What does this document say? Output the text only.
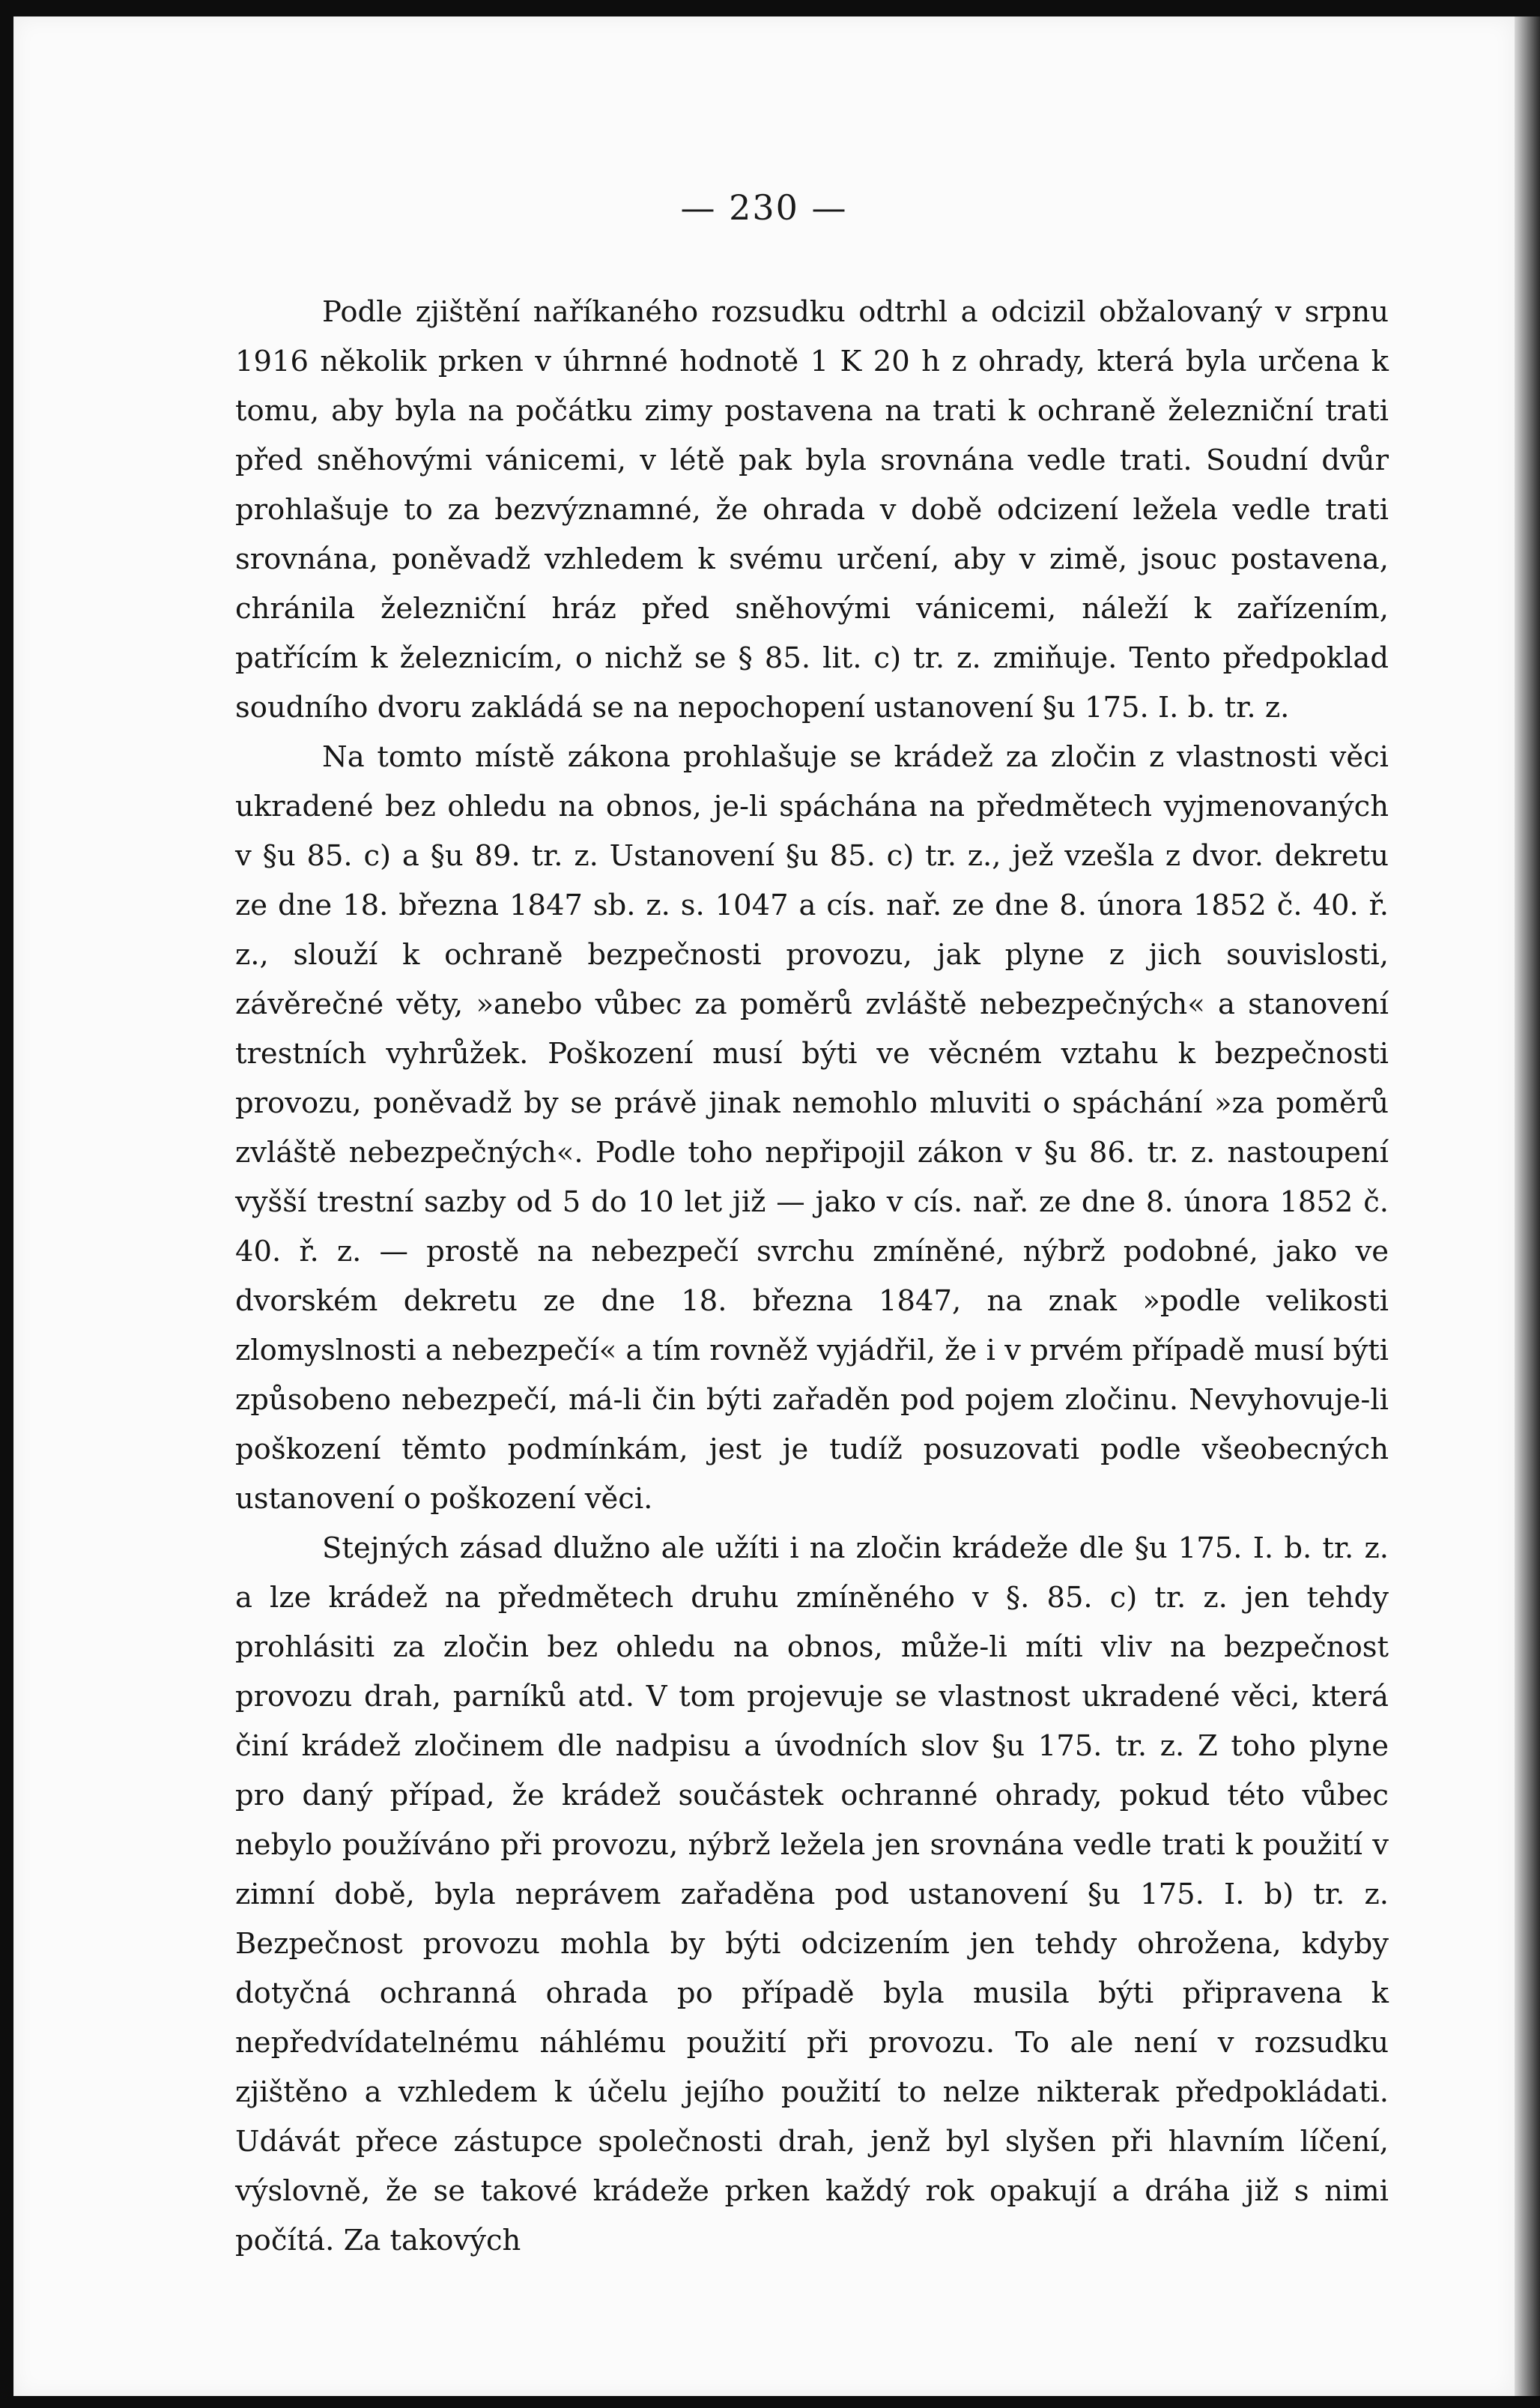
— 230 —

Podle zjištění naříkaného rozsudku odtrhl a odcizil obžalovaný v srpnu 1916 několik prken v úhrnné hodnotě 1 K 20 h z ohrady, která byla určena k tomu, aby byla na počátku zimy postavena na trati k ochraně železniční trati před sněhovými vánicemi, v létě pak byla srovnána vedle trati. Soudní dvůr prohlašuje to za bezvýznamné, že ohrada v době odcizení ležela vedle trati srovnána, poněvadž vzhledem k svému určení, aby v zimě, jsouc postavena, chránila železniční hráz před sněhovými vánicemi, náleží k zařízením, patřícím k železnicím, o nichž se § 85. lit. c) tr. z. zmiňuje. Tento předpoklad soudního dvoru zakládá se na nepochopení ustanovení §u 175. I. b. tr. z.

Na tomto místě zákona prohlašuje se krádež za zločin z vlastnosti věci ukradené bez ohledu na obnos, je-li spáchána na předmětech vyjmenovaných v §u 85. c) a §u 89. tr. z. Ustanovení §u 85. c) tr. z., jež vzešla z dvor. dekretu ze dne 18. března 1847 sb. z. s. 1047 a cís. nař. ze dne 8. února 1852 č. 40. ř. z., slouží k ochraně bezpečnosti provozu, jak plyne z jich souvislosti, závěrečné věty, »anebo vůbec za poměrů zvláště nebezpečných« a stanovení trestních vyhrůžek. Poškození musí býti ve věcném vztahu k bezpečnosti provozu, poněvadž by se právě jinak nemohlo mluviti o spáchání »za poměrů zvláště nebezpečných«. Podle toho nepřipojil zákon v §u 86. tr. z. nastoupení vyšší trestní sazby od 5 do 10 let již — jako v cís. nař. ze dne 8. února 1852 č. 40. ř. z. — prostě na nebezpečí svrchu zmíněné, nýbrž podobné, jako ve dvorském dekretu ze dne 18. března 1847, na znak »podle velikosti zlomyslnosti a nebezpečí« a tím rovněž vyjádřil, že i v prvém případě musí býti způsobeno nebezpečí, má-li čin býti zařaděn pod pojem zločinu. Nevyhovuje-li poškození těmto podmínkám, jest je tudíž posuzovati podle všeobecných ustanovení o poškození věci.

Stejných zásad dlužno ale užíti i na zločin krádeže dle §u 175. I. b. tr. z. a lze krádež na předmětech druhu zmíněného v §. 85. c) tr. z. jen tehdy prohlásiti za zločin bez ohledu na obnos, může-li míti vliv na bezpečnost provozu drah, parníků atd. V tom projevuje se vlastnost ukradené věci, která činí krádež zločinem dle nadpisu a úvodních slov §u 175. tr. z. Z toho plyne pro daný případ, že krádež součástek ochranné ohrady, pokud této vůbec nebylo používáno při provozu, nýbrž ležela jen srovnána vedle trati k použití v zimní době, byla neprávem zařaděna pod ustanovení §u 175. I. b) tr. z. Bezpečnost provozu mohla by býti odcizením jen tehdy ohrožena, kdyby dotyčná ochranná ohrada po případě byla musila býti připravena k nepředvídatelnému náhlému použití při provozu. To ale není v rozsudku zjištěno a vzhledem k účelu jejího použití to nelze nikterak předpokládati. Udávát přece zástupce společnosti drah, jenž byl slyšen při hlavním líčení, výslovně, že se takové krádeže prken každý rok opakují a dráha již s nimi počítá. Za takových
